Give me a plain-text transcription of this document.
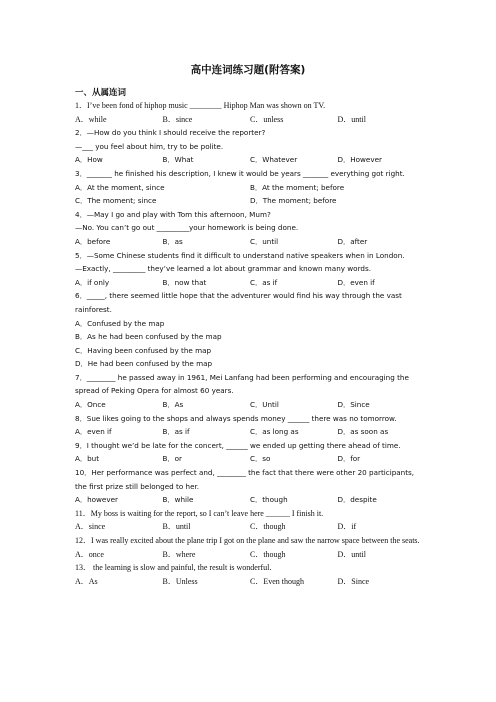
高中连词练习题(附答案)
一、从属连词
1．I’ve been fond of hiphop music ________ Hiphop Man was shown on TV.
A．while	B．since	C．unless	D．until
2．—How do you think I should receive the reporter?
—___ you feel about him, try to be polite.
A．How	B．What	C．Whatever	D．However
3．_______ he finished his description, I knew it would be years _______ everything got right.
A．At the moment, since	B．At the moment; before
C．The moment; since	D．The moment; before
4．—May I go and play with Tom this afternoon, Mum?
—No. You can’t go out _________your homework is being done.
A．before	B．as	C．until	D．after
5．—Some Chinese students find it difficult to understand native speakers when in London.
—Exactly, _________ they’ve learned a lot about grammar and known many words.
A．if only	B．now that	C．as if	D．even if
6．_____, there seemed little hope that the adventurer would find his way through the vast rainforest.
A．Confused by the map
B．As he had been confused by the map
C．Having been confused by the map
D．He had been confused by the map
7．________ he passed away in 1961, Mei Lanfang had been performing and encouraging the spread of Peking Opera for almost 60 years.
A．Once	B．As	C．Until	D．Since
8．Sue likes going to the shops and always spends money ______ there was no tomorrow.
A．even if	B．as if	C．as long as	D．as soon as
9．I thought we’d be late for the concert, ______ we ended up getting there ahead of time.
A．but	B．or	C．so	D．for
10．Her performance was perfect and, ________ the fact that there were other 20 participants, the first prize still belonged to her.
A．however	B．while	C．though	D．despite
11．My boss is waiting for the report, so I can’t leave here ______ I finish it.
A．since	B．until	C．though	D．if
12．I was really excited about the plane trip I got on the plane and saw the narrow space between the seats.
A．once	B．where	C．though	D．until
13． the learning is slow and painful, the result is wonderful.
A．As	B．Unless	C．Even though	D．Since
